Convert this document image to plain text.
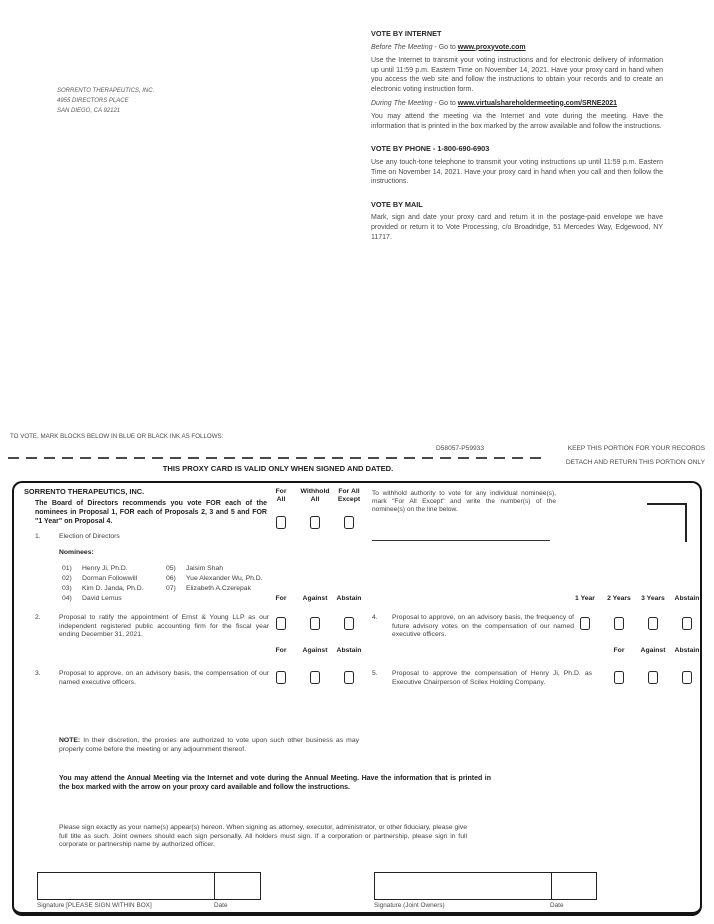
SORRENTO THERAPEUTICS, INC.
4955 DIRECTORS PLACE
SAN DIEGO, CA 92121
VOTE BY INTERNET
Before The Meeting - Go to www.proxyvote.com

Use the Internet to transmit your voting instructions and for electronic delivery of information up until 11:59 p.m. Eastern Time on November 14, 2021. Have your proxy card in hand when you access the web site and follow the instructions to obtain your records and to create an electronic voting instruction form.

During The Meeting - Go to www.virtualshareholdermeeting.com/SRNE2021

You may attend the meeting via the Internet and vote during the meeting. Have the information that is printed in the box marked by the arrow available and follow the instructions.

VOTE BY PHONE - 1-800-690-6903

Use any touch-tone telephone to transmit your voting instructions up until 11:59 p.m. Eastern Time on November 14, 2021. Have your proxy card in hand when you call and then follow the instructions.

VOTE BY MAIL

Mark, sign and date your proxy card and return it in the postage-paid envelope we have provided or return it to Vote Processing, c/o Broadridge, 51 Mercedes Way, Edgewood, NY 11717.

TO VOTE, MARK BLOCKS BELOW IN BLUE OR BLACK INK AS FOLLOWS:
D58057-P59933	KEEP THIS PORTION FOR YOUR RECORDS
DETACH AND RETURN THIS PORTION ONLY
THIS PROXY CARD IS VALID ONLY WHEN SIGNED AND DATED.
SORRENTO THERAPEUTICS, INC.
The Board of Directors recommends you vote FOR each of the nominees in Proposal 1, FOR each of Proposals 2, 3 and 5 and FOR "1 Year" on Proposal 4.
For
All
Withhold
All
For All
Except
To withhold authority to vote for any individual nominee(s), mark "For All Except" and write the number(s) of the nominee(s) on the line below.
1.	Election of Directors
Nominees:
01)	Henry Ji, Ph.D.
02)	Dorman Followwill
03)	Kim D. Janda, Ph.D.
04)	David Lemus
05)	Jaisim Shah
06)	Yue Alexander Wu, Ph.D.
07)	Elizabeth A.Czerepak
For	Against	Abstain
2.	Proposal to ratify the appointment of Ernst & Young LLP as our independent registered public accounting firm for the fiscal year ending December 31, 2021.
For	Against	Abstain
3.	Proposal to approve, on an advisory basis, the compensation of our named executive officers.
1 Year	2 Years	3 Years	Abstain
4. Proposal to approve, on an advisory basis, the frequency of future advisory votes on the compensation of our named executive officers.
For	Against	Abstain
5. Proposal to approve the compensation of Henry Ji, Ph.D. as Executive Chairperson of Scilex Holding Company.
NOTE: In their discretion, the proxies are authorized to vote upon such other business as may properly come before the meeting or any adjournment thereof.
You may attend the Annual Meeting via the Internet and vote during the Annual Meeting. Have the information that is printed in the box marked with the arrow on your proxy card available and follow the instructions.
Please sign exactly as your name(s) appear(s) hereon. When signing as attorney, executor, administrator, or other fiduciary, please give full title as such. Joint owners should each sign personally. All holders must sign. If a corporation or partnership, please sign in full corporate or partnership name by authorized officer.
Signature [PLEASE SIGN WITHIN BOX]	Date	Signature (Joint Owners)	Date
